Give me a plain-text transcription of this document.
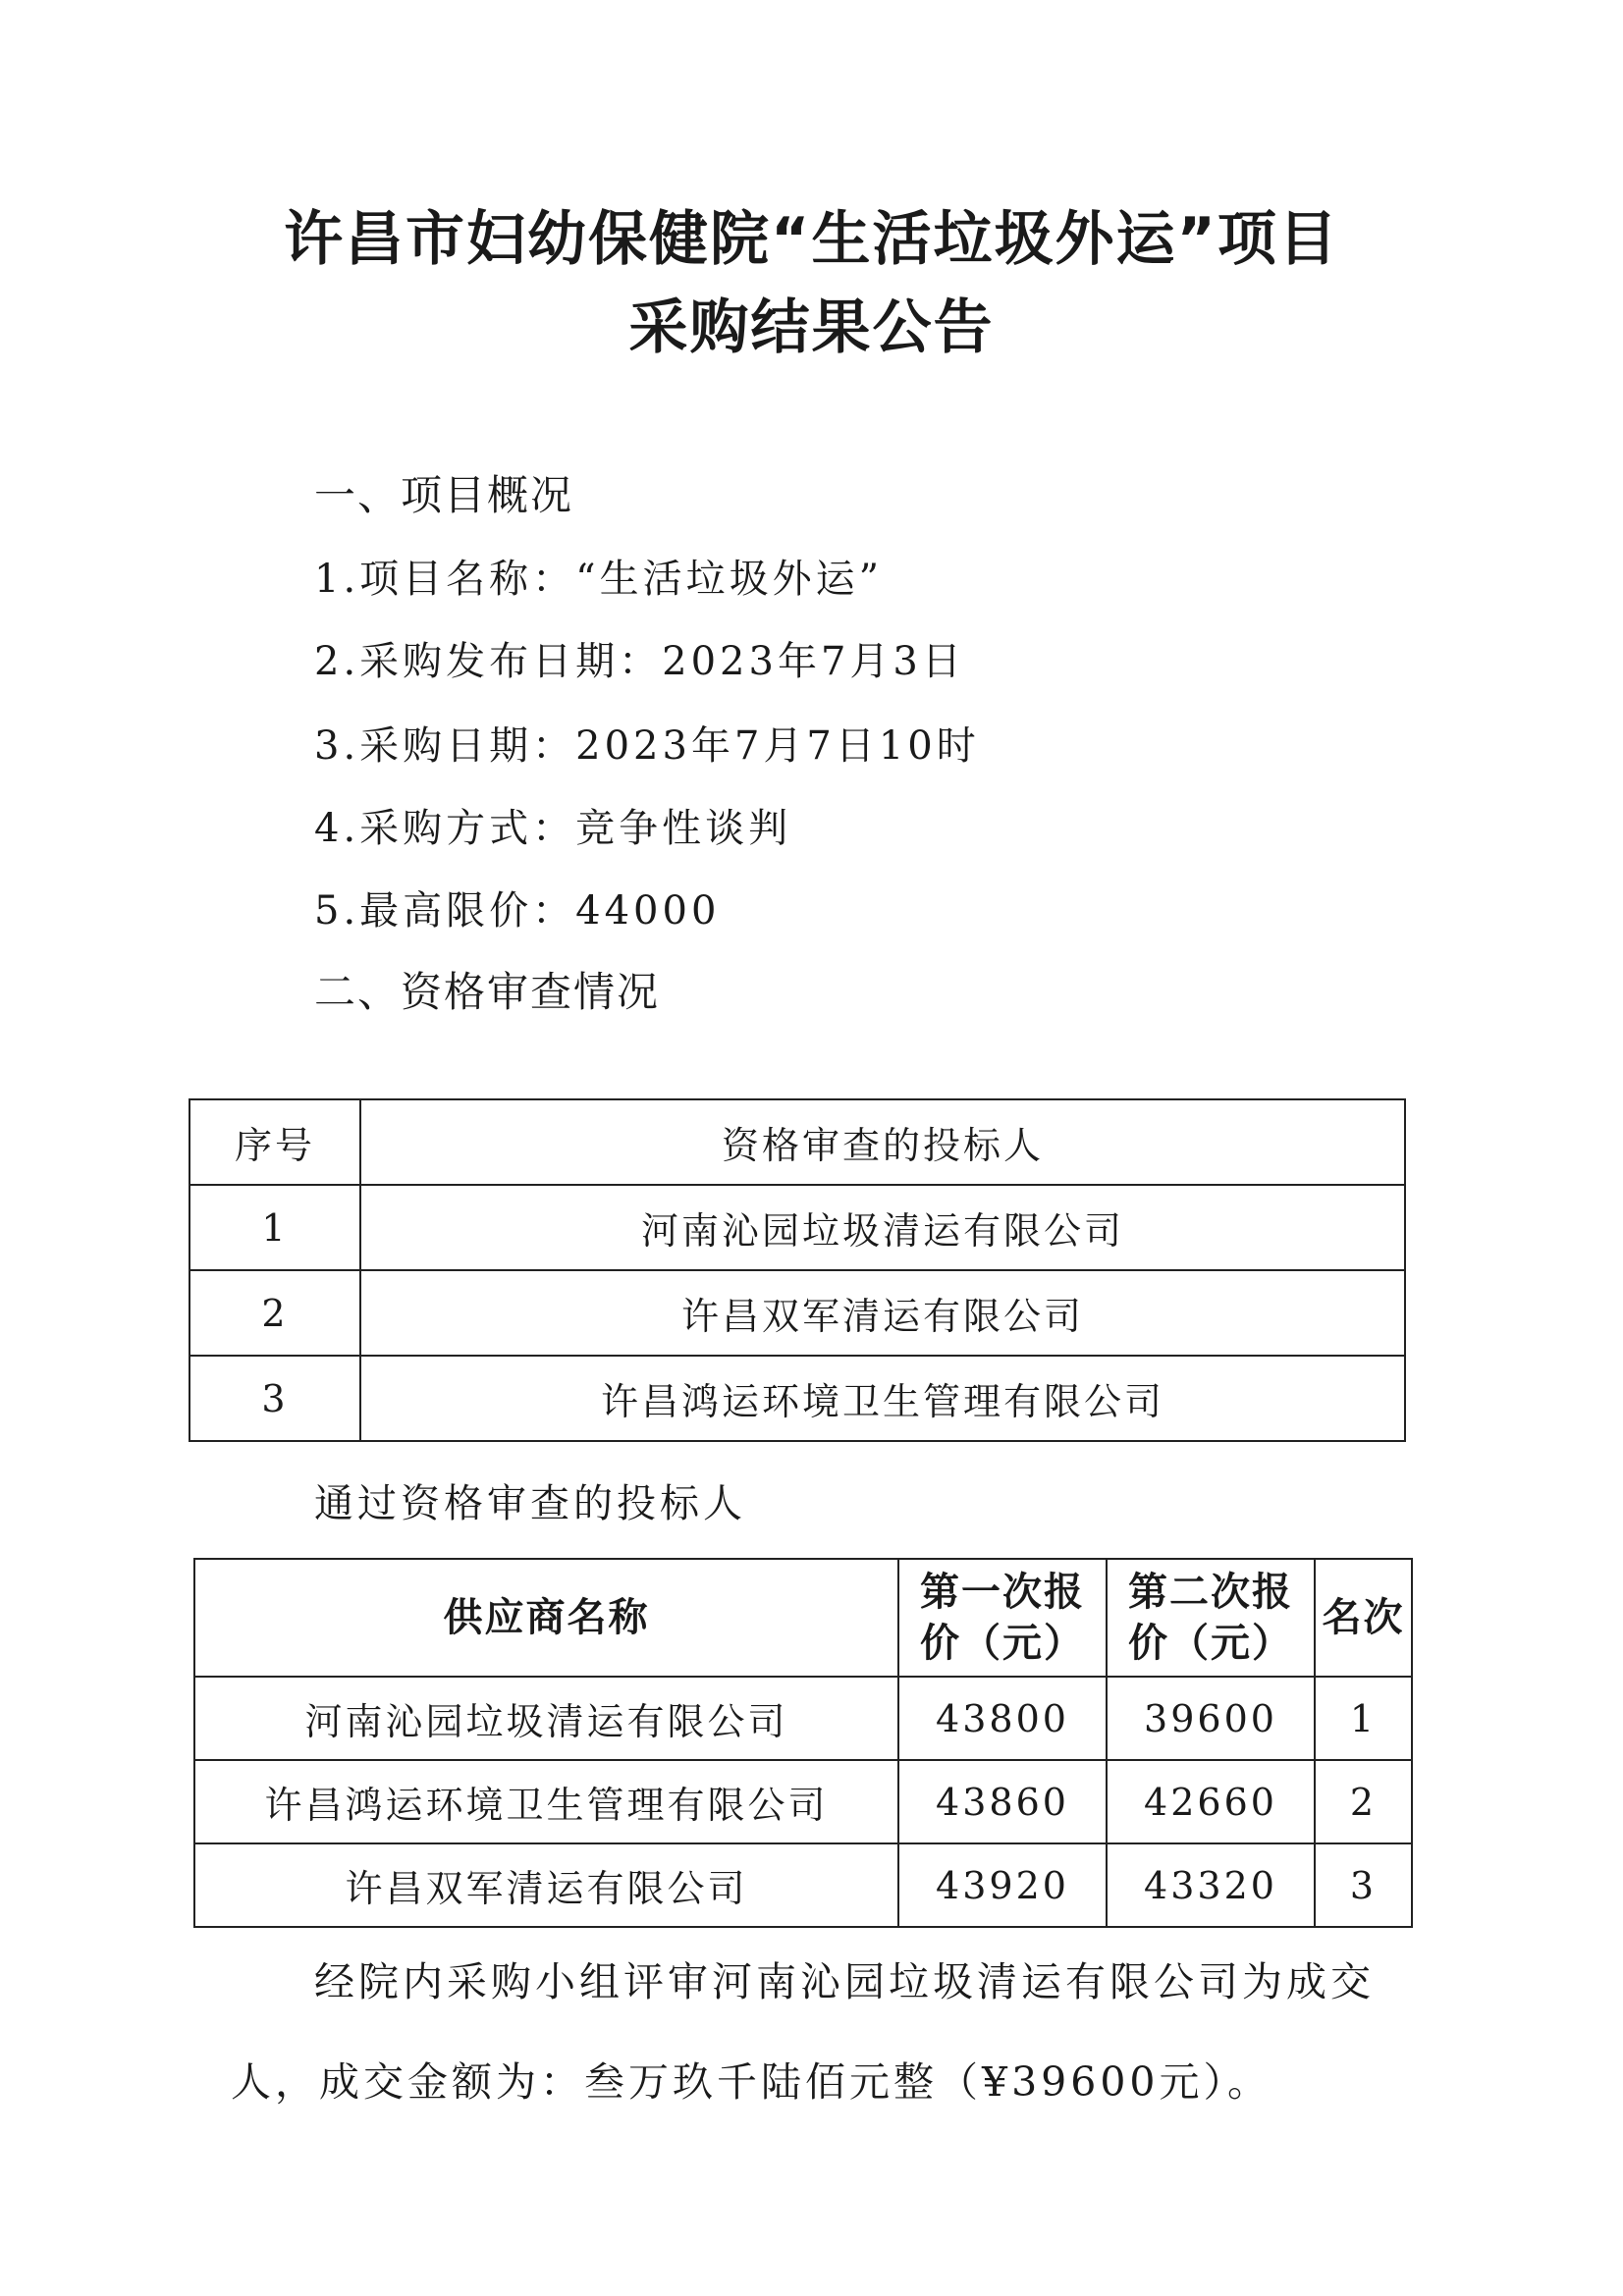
许昌市妇幼保健院“生活垃圾外运”项目
采购结果公告
一、项目概况
1.项目名称：“生活垃圾外运”
2.采购发布日期：2023年7月3日
3.采购日期：2023年7月7日10时
4.采购方式：竞争性谈判
5.最高限价：44000
二、资格审查情况
序号	资格审查的投标人
1	河南沁园垃圾清运有限公司
2	许昌双军清运有限公司
3	许昌鸿运环境卫生管理有限公司
通过资格审查的投标人
供应商名称	第一次报价（元）	第二次报价（元）	名次
河南沁园垃圾清运有限公司	43800	39600	1
许昌鸿运环境卫生管理有限公司	43860	42660	2
许昌双军清运有限公司	43920	43320	3
经院内采购小组评审河南沁园垃圾清运有限公司为成交人，成交金额为：叁万玖千陆佰元整（¥39600元）。
